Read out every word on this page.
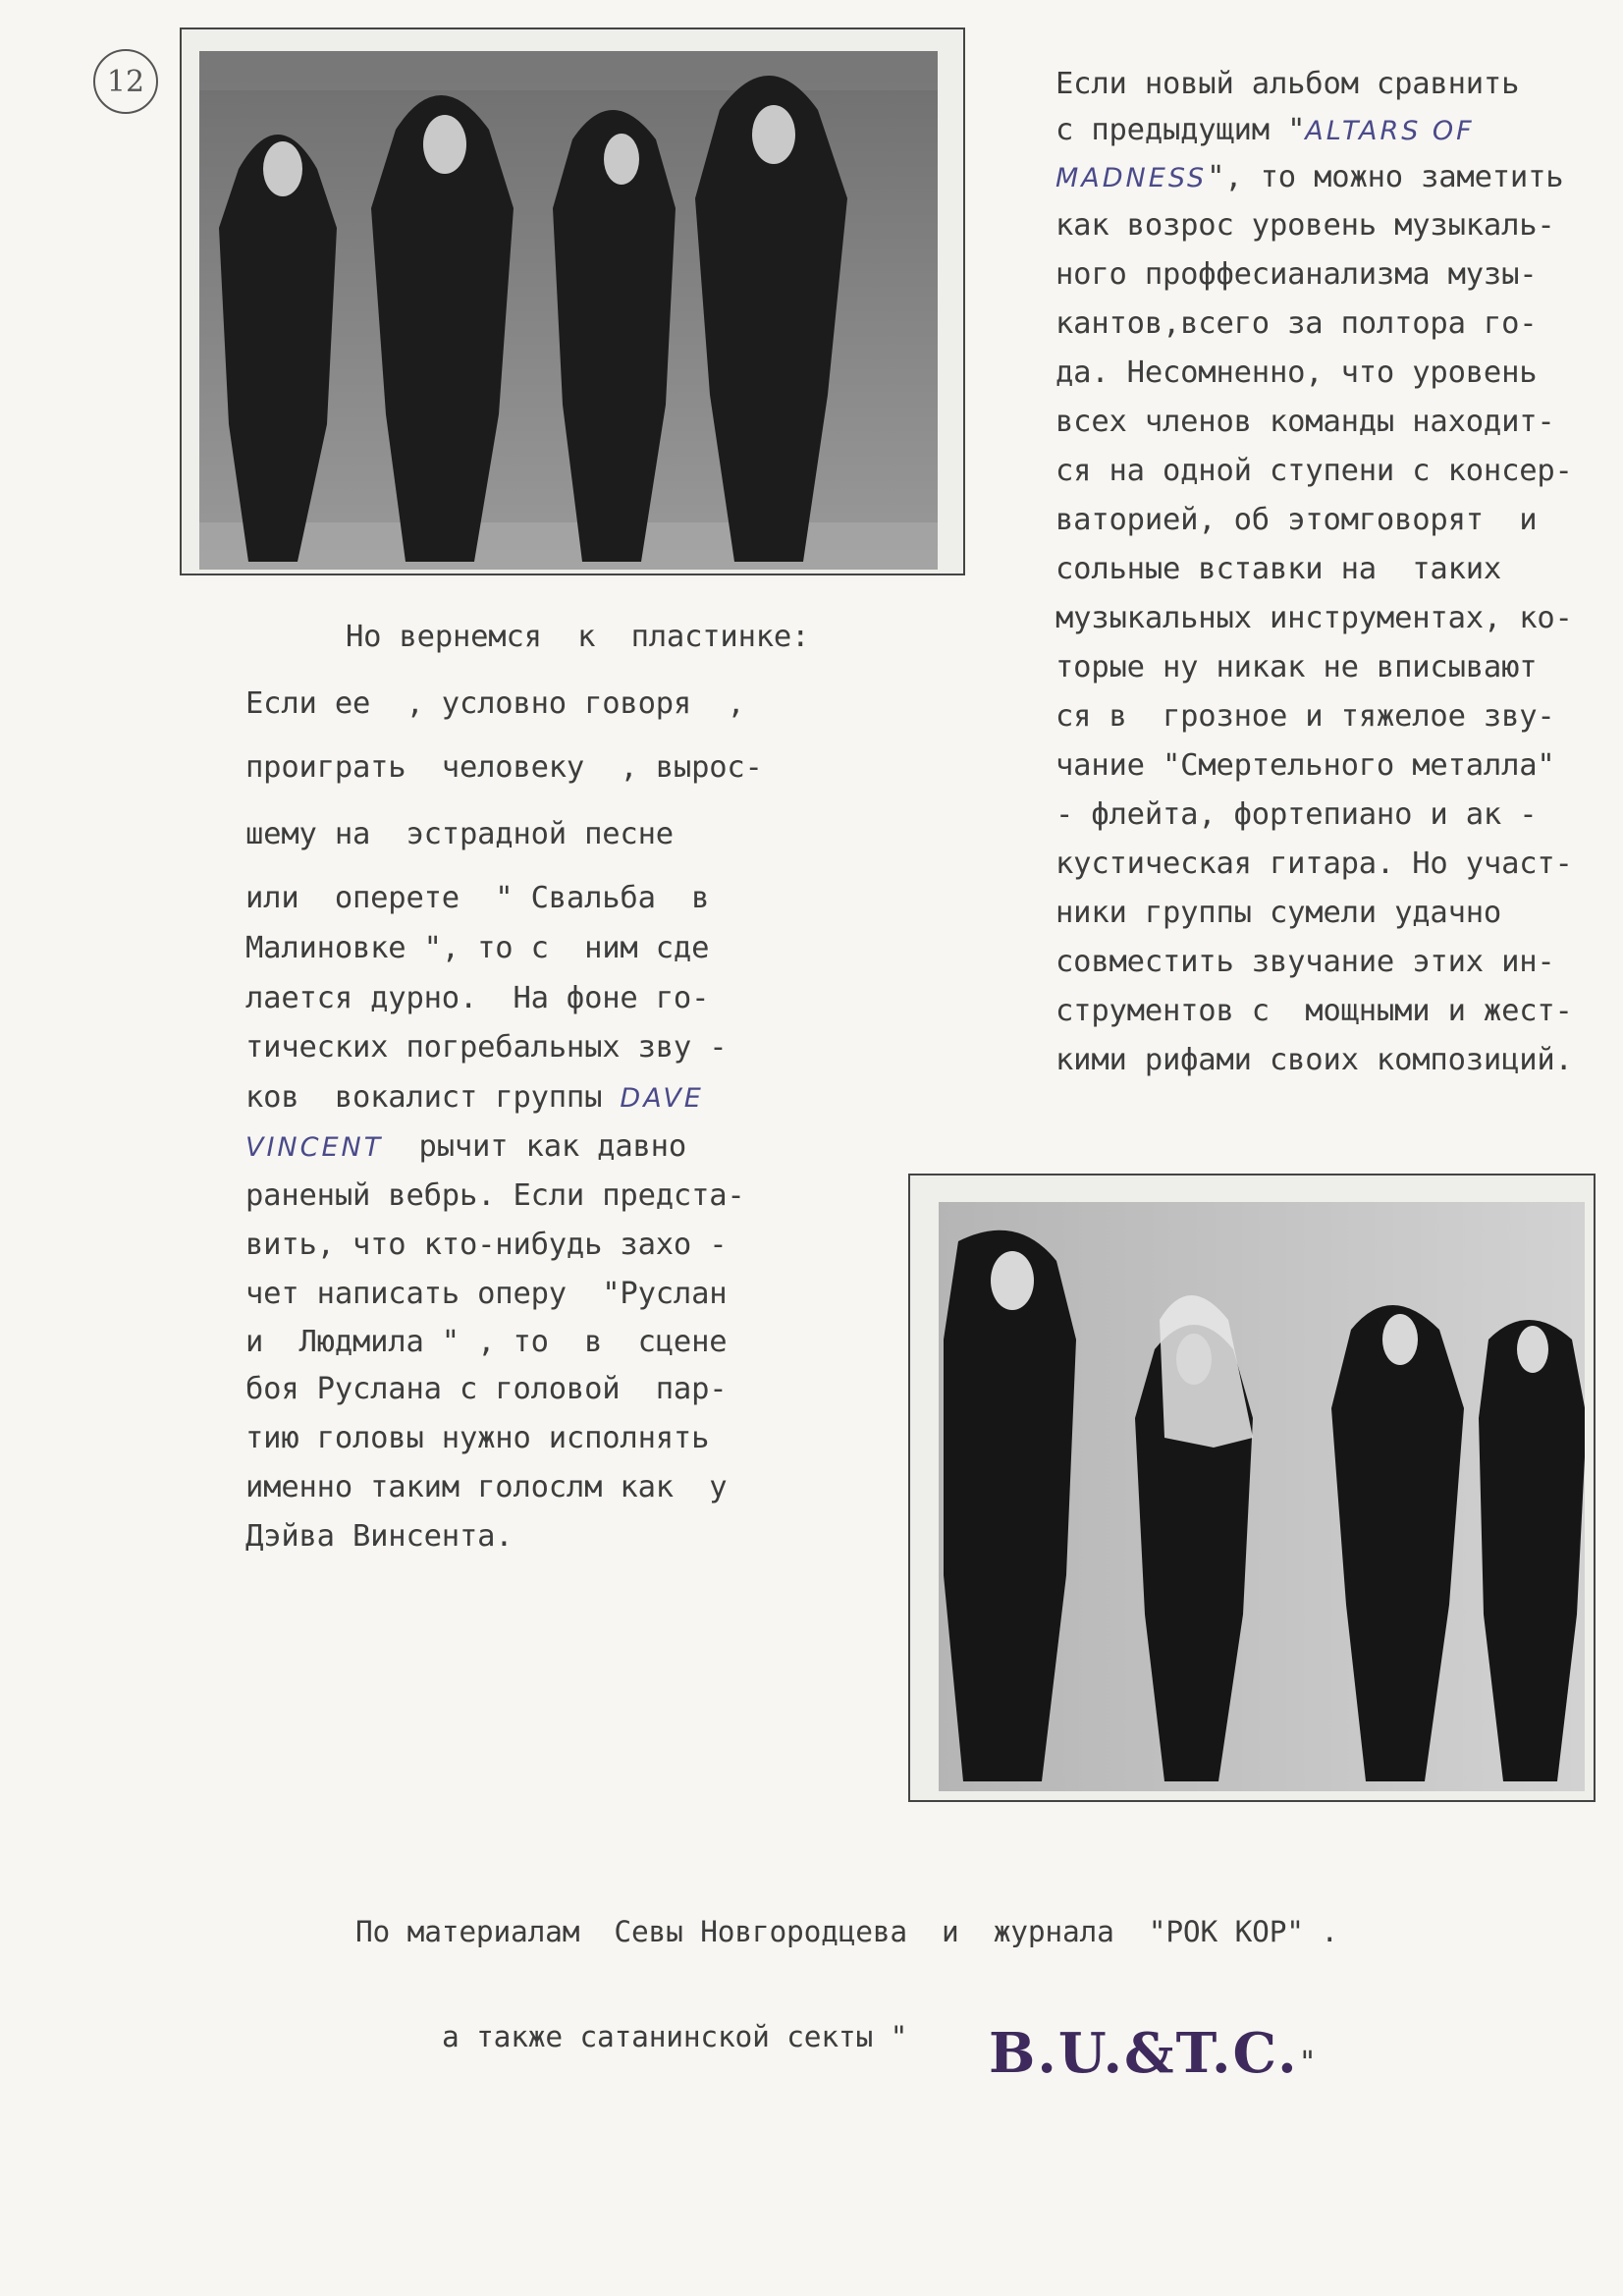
12	Если новый альбом сравнить
с предыдущим "ALTARS OF
MADNESS", то можно заметить
как возрос уровень музыкаль-
ного проффесианализма музы-
кантов,всего за полтора го-
да. Несомненно, что уровень
всех членов команды находит-
ся на одной ступени с консер-
ваторией, об этомговорят  и
сольные вставки на  таких
музыкальных инструментах, ко-
торые ну никак не вписывают
ся в  грозное и тяжелое зву-
чание "Смертельного металла"
- флейта, фортепиано и ак -
кустическая гитара. Но участ-
ники группы сумели удачно
совместить звучание этих ин-
струментов с  мощными и жест-
кими рифами своих композиций.
Но вернемся  к  пластинке:
Если ее  , условно говоря  ,
проиграть  человеку  , вырос-
шему на  эстрадной песне
или  оперете  " Свальба  в
Малиновке ", то с  ним сде
лается дурно.  На фоне го-
тических погребальных зву -
ков  вокалист группы DAVE
VINCENT  рычит как давно
раненый вебрь. Если предста-
вить, что кто-нибудь захо -
чет написать оперу  "Руслан
и  Людмила " , то  в  сцене
боя Руслана с головой  пар-
тию головы нужно исполнять
именно таким голослм как  у
Дэйва Винсента.
По материалам  Севы Новгородцева  и  журнала  "РОК КОР" .
а также сатанинской секты " B.U.&T.C."
